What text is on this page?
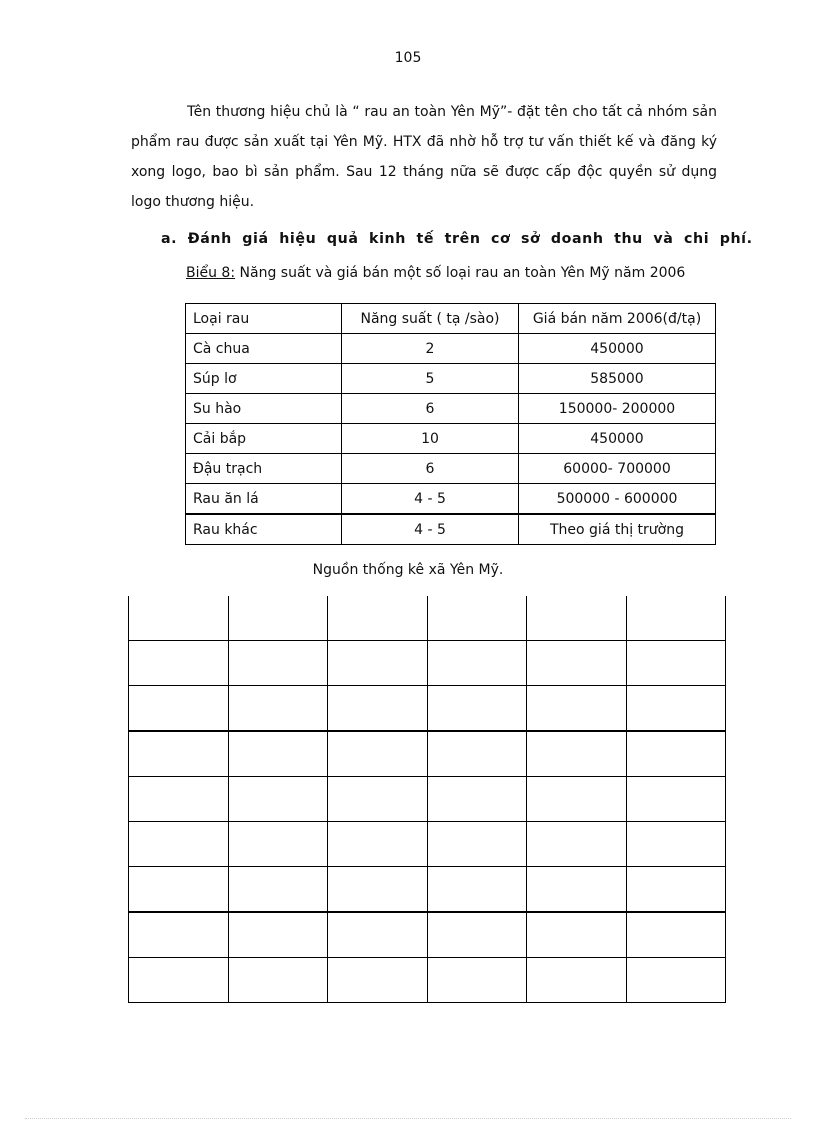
105

Tên thương hiệu chủ là “ rau an toàn Yên Mỹ”- đặt tên cho tất cả nhóm sản phẩm rau được sản xuất tại Yên Mỹ. HTX đã nhờ hỗ trợ tư vấn thiết kế và đăng ký xong logo, bao bì sản phẩm. Sau 12 tháng nữa sẽ được cấp độc quyền sử dụng logo thương hiệu.

a. Đánh giá hiệu quả kinh tế trên cơ sở doanh thu và chi phí.
Biểu 8: Năng suất và giá bán một số loại rau an toàn Yên Mỹ năm 2006
Loại rau	Năng suất ( tạ /sào)	Giá bán năm 2006(đ/tạ)
Cà chua	2	450000
Súp lơ	5	585000
Su hào	6	150000- 200000
Cải bắp	10	450000
Đậu trạch	6	60000- 700000
Rau ăn lá	4 - 5	500000 - 600000
Rau khác	4 - 5	Theo giá thị trường
Nguồn thống kê xã Yên Mỹ.
